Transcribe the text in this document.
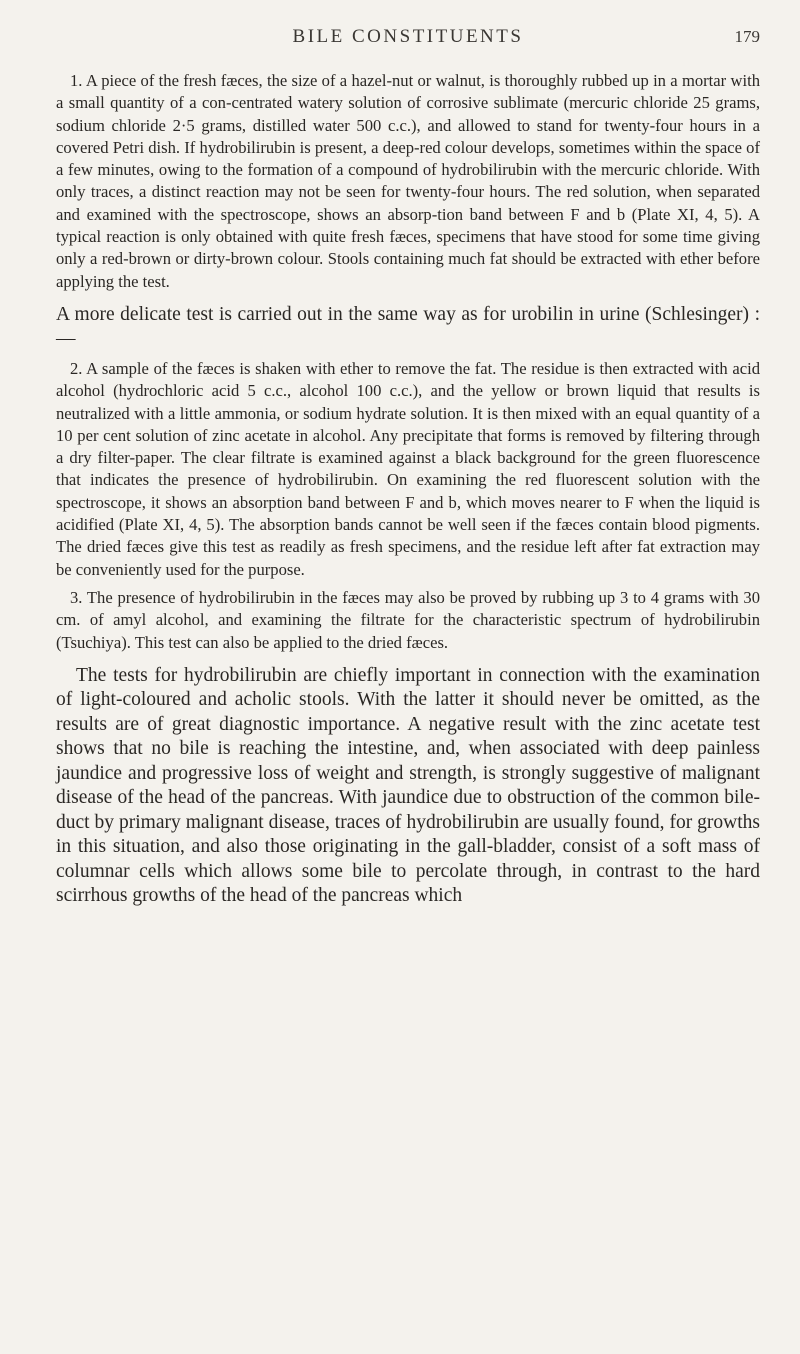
BILE CONSTITUENTS	179

1. A piece of the fresh fæces, the size of a hazel-nut or walnut, is thoroughly rubbed up in a mortar with a small quantity of a con-centrated watery solution of corrosive sublimate (mercuric chloride 25 grams, sodium chloride 2·5 grams, distilled water 500 c.c.), and allowed to stand for twenty-four hours in a covered Petri dish. If hydrobilirubin is present, a deep-red colour develops, sometimes within the space of a few minutes, owing to the formation of a compound of hydrobilirubin with the mercuric chloride. With only traces, a distinct reaction may not be seen for twenty-four hours. The red solution, when separated and examined with the spectroscope, shows an absorp-tion band between F and b (Plate XI, 4, 5). A typical reaction is only obtained with quite fresh fæces, specimens that have stood for some time giving only a red-brown or dirty-brown colour. Stools containing much fat should be extracted with ether before applying the test.

A more delicate test is carried out in the same way as for urobilin in urine (Schlesinger) :—

2. A sample of the fæces is shaken with ether to remove the fat. The residue is then extracted with acid alcohol (hydrochloric acid 5 c.c., alcohol 100 c.c.), and the yellow or brown liquid that results is neutralized with a little ammonia, or sodium hydrate solution. It is then mixed with an equal quantity of a 10 per cent solution of zinc acetate in alcohol. Any precipitate that forms is removed by filtering through a dry filter-paper. The clear filtrate is examined against a black background for the green fluorescence that indicates the presence of hydrobilirubin. On examining the red fluorescent solution with the spectroscope, it shows an absorption band between F and b, which moves nearer to F when the liquid is acidified (Plate XI, 4, 5). The absorption bands cannot be well seen if the fæces contain blood pigments. The dried fæces give this test as readily as fresh specimens, and the residue left after fat extraction may be conveniently used for the purpose.

3. The presence of hydrobilirubin in the fæces may also be proved by rubbing up 3 to 4 grams with 30 cm. of amyl alcohol, and examining the filtrate for the characteristic spectrum of hydrobilirubin (Tsuchiya). This test can also be applied to the dried fæces.

The tests for hydrobilirubin are chiefly important in connection with the examination of light-coloured and acholic stools. With the latter it should never be omitted, as the results are of great diagnostic importance. A negative result with the zinc acetate test shows that no bile is reaching the intestine, and, when associated with deep painless jaundice and progressive loss of weight and strength, is strongly suggestive of malignant disease of the head of the pancreas. With jaundice due to obstruction of the common bile-duct by primary malignant disease, traces of hydrobilirubin are usually found, for growths in this situation, and also those originating in the gall-bladder, consist of a soft mass of columnar cells which allows some bile to percolate through, in contrast to the hard scirrhous growths of the head of the pancreas which
